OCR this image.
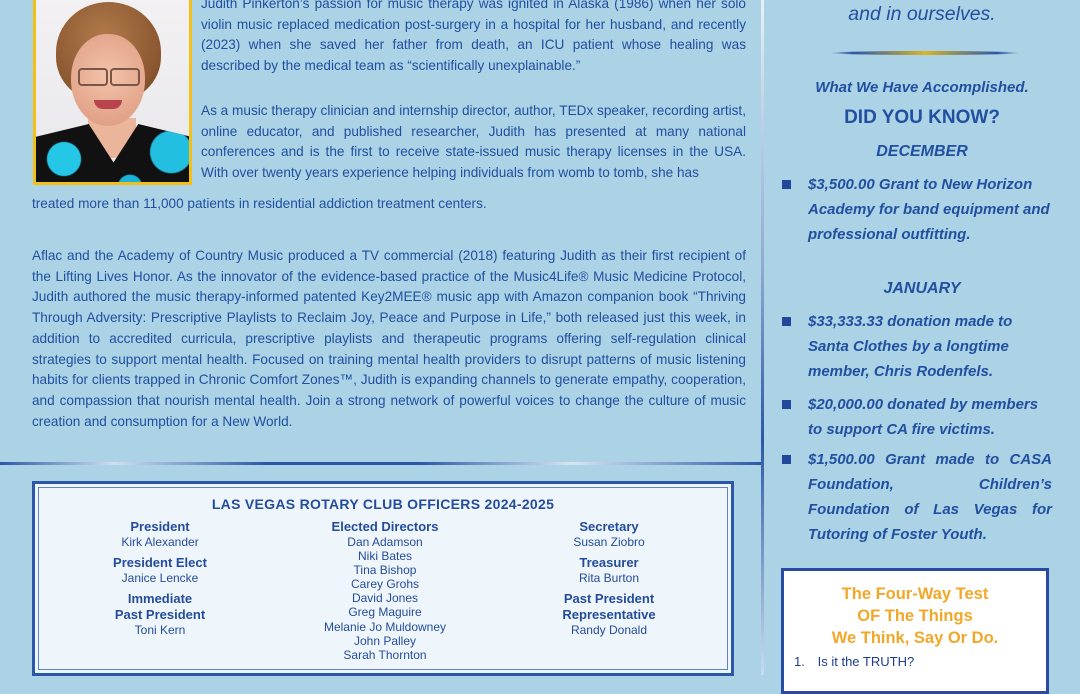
Judith Pinkerton’s passion for music therapy was ignited in Alaska (1986) when her solo violin music replaced medication post-surgery in a hospital for her husband, and recently (2023) when she saved her father from death, an ICU patient whose healing was described by the medical team as “scientifically unexplainable.”

As a music therapy clinician and internship director, author, TEDx speaker, recording artist, online educator, and published researcher, Judith has presented at many national conferences and is the first to receive state-issued music therapy licenses in the USA. With over twenty years experience helping individuals from womb to tomb, she has

treated more than 11,000 patients in residential addiction treatment centers.

Aflac and the Academy of Country Music produced a TV commercial (2018) featuring Judith as their first recipient of the Lifting Lives Honor. As the innovator of the evidence-based practice of the Music4Life® Music Medicine Protocol, Judith authored the music therapy-informed patented Key2MEE® music app with Amazon companion book “Thriving Through Adversity: Prescriptive Playlists to Reclaim Joy, Peace and Purpose in Life,” both released just this week, in addition to accredited curricula, prescriptive playlists and therapeutic programs offering self-regulation clinical strategies to support mental health. Focused on training mental health providers to disrupt patterns of music listening habits for clients trapped in Chronic Comfort Zones™, Judith is expanding channels to generate empathy, cooperation, and compassion that nourish mental health. Join a strong network of powerful voices to change the culture of music creation and consumption for a New World.

LAS VEGAS ROTARY CLUB OFFICERS 2024-2025
President
Kirk Alexander
President Elect
Janice Lencke
Immediate
Past President
Toni Kern
Elected Directors
Dan Adamson
Niki Bates
Tina Bishop
Carey Grohs
David Jones
Greg Maguire
Melanie Jo Muldowney
John Palley
Sarah Thornton
Secretary
Susan Ziobro
Treasurer
Rita Burton
Past President
Representative
Randy Donald
and in ourselves.
What We Have Accomplished.
DID YOU KNOW?
DECEMBER
$3,500.00 Grant to New Horizon Academy for band equipment and professional outfitting.
JANUARY
$33,333.33 donation made to Santa Clothes by a longtime member, Chris Rodenfels.
$20,000.00 donated by members to support CA fire victims.
$1,500.00 Grant made to CASA Foundation, Children’s Foundation of Las Vegas for Tutoring of Foster Youth.
The Four-Way Test
OF The Things
We Think, Say Or Do.
1. Is it the TRUTH?
